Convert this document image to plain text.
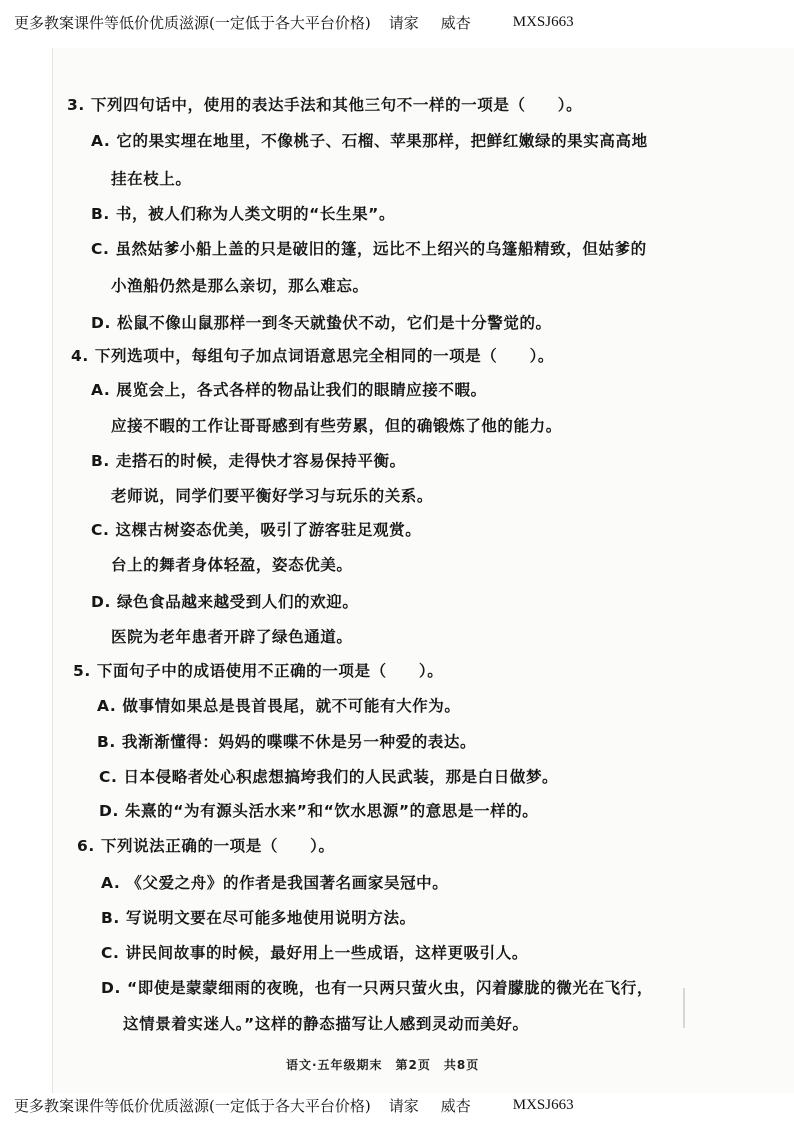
更多教案课件等低价优质滋源(一定低于各大平台价格) 请家 威杏	MXSJ663
3. 下列四句话中，使用的表达手法和其他三句不一样的一项是（　　）。
A. 它的果实埋在地里，不像桃子、石榴、苹果那样，把鲜红嫩绿的果实高高地
挂在枝上。
B. 书，被人们称为人类文明的“长生果”。
C. 虽然姑爹小船上盖的只是破旧的篷，远比不上绍兴的乌篷船精致，但姑爹的
小渔船仍然是那么亲切，那么难忘。
D. 松鼠不像山鼠那样一到冬天就蛰伏不动，它们是十分警觉的。
4. 下列选项中，每组句子加点词语意思完全相同的一项是（　　）。
A. 展览会上，各式各样的物品让我们的眼睛应接不暇。
应接不暇的工作让哥哥感到有些劳累，但的确锻炼了他的能力。
B. 走搭石的时候，走得快才容易保持平衡。
老师说，同学们要平衡好学习与玩乐的关系。
C. 这棵古树姿态优美，吸引了游客驻足观赏。
台上的舞者身体轻盈，姿态优美。
D. 绿色食品越来越受到人们的欢迎。
医院为老年患者开辟了绿色通道。
5. 下面句子中的成语使用不正确的一项是（　　）。
A. 做事情如果总是畏首畏尾，就不可能有大作为。
B. 我渐渐懂得：妈妈的喋喋不休是另一种爱的表达。
C. 日本侵略者处心积虑想搞垮我们的人民武装，那是白日做梦。
D. 朱熹的“为有源头活水来”和“饮水思源”的意思是一样的。
6. 下列说法正确的一项是（　　）。
A. 《父爱之舟》的作者是我国著名画家吴冠中。
B. 写说明文要在尽可能多地使用说明方法。
C. 讲民间故事的时候，最好用上一些成语，这样更吸引人。
D. “即使是蒙蒙细雨的夜晚，也有一只两只萤火虫，闪着朦胧的微光在飞行，
这情景着实迷人。”这样的静态描写让人感到灵动而美好。
语文·五年级期末　第2页　共8页
更多教案课件等低价优质滋源(一定低于各大平台价格) 请家 威杏	MXSJ663
